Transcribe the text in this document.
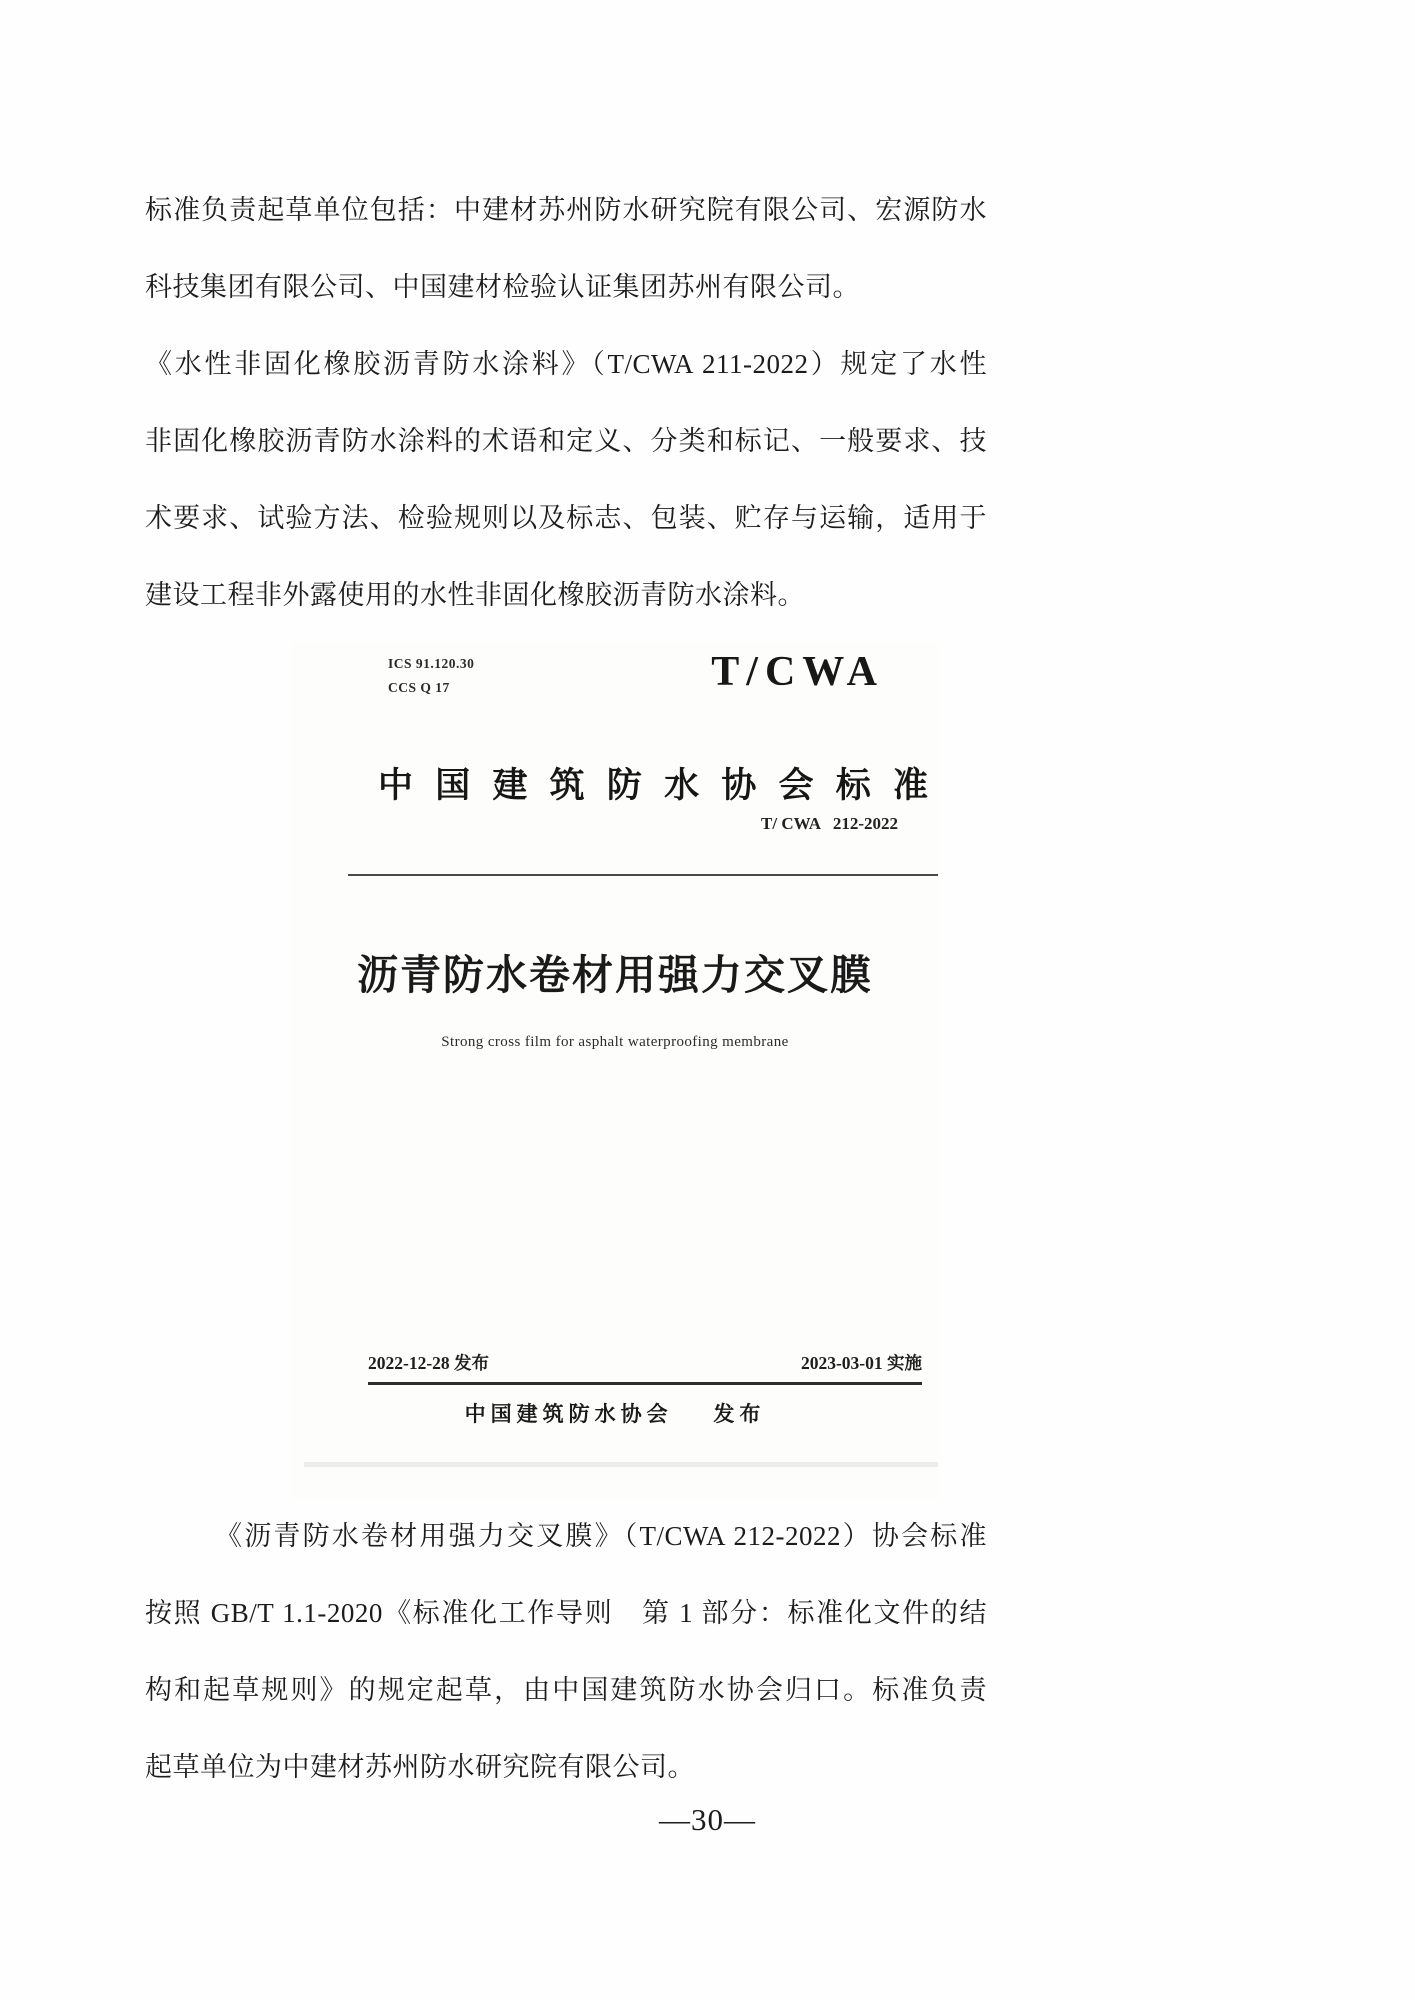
标准负责起草单位包括：中建材苏州防水研究院有限公司、宏源防水
科技集团有限公司、中国建材检验认证集团苏州有限公司。
《水性非固化橡胶沥青防水涂料》（T/CWA 211-2022）规定了水性
非固化橡胶沥青防水涂料的术语和定义、分类和标记、一般要求、技
术要求、试验方法、检验规则以及标志、包装、贮存与运输，适用于
建设工程非外露使用的水性非固化橡胶沥青防水涂料。
ICS 91.120.30
CCS Q 17	T/CWA
中国建筑防水协会标准
T/ CWA   212-2022
沥青防水卷材用强力交叉膜
Strong cross film for asphalt waterproofing membrane
2022-12-28 发布	2023-03-01 实施
中国建筑防水协会 发布
《沥青防水卷材用强力交叉膜》（T/CWA 212-2022）协会标准
按照 GB/T 1.1-2020《标准化工作导则　第 1 部分：标准化文件的结
构和起草规则》的规定起草，由中国建筑防水协会归口。标准负责
起草单位为中建材苏州防水研究院有限公司。
—30—
